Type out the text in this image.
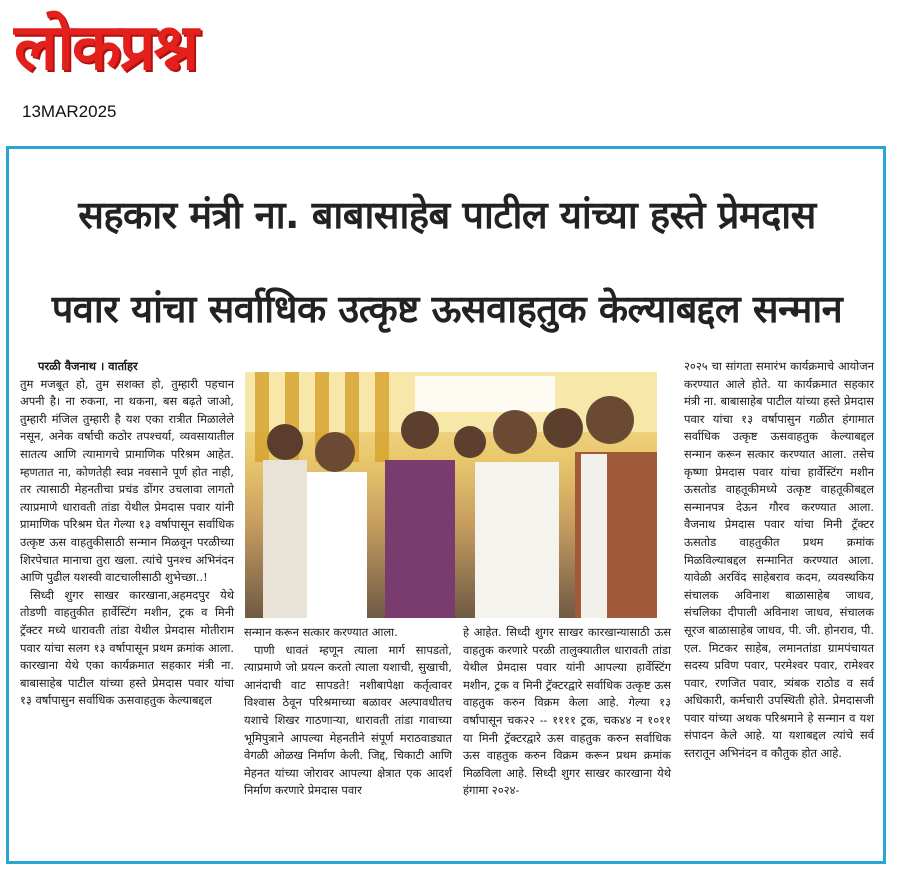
लोकप्रश्न
13MAR2025
सहकार मंत्री ना. बाबासाहेब पाटील यांच्या हस्ते प्रेमदास
पवार यांचा सर्वाधिक उत्कृष्ट ऊसवाहतुक केल्याबद्दल सन्मान
परळी वैजनाथ । वार्ताहर

तुम मजबूत हो, तुम सशक्त हो, तुम्हारी पहचान अपनी है। ना रुकना, ना थकना, बस बढ़ते जाओ, तुम्हारी मंजिल तुम्हारी है यश एका रात्रीत मिळालेले नसून, अनेक वर्षाची कठोर तपश्चर्या, व्यवसायातील सातत्य आणि त्यामागचे प्रामाणिक परिश्रम आहेत. म्हणतात ना, कोणतेही स्वप्न नवसाने पूर्ण होत नाही, तर त्यासाठी मेहनतीचा प्रचंड डोंगर उचलावा लागतो त्याप्रमाणे धारावती तांडा येथील प्रेमदास पवार यांनी प्रामाणिक परिश्रम घेत गेल्या १३ वर्षापासून सर्वाधिक उत्कृष्ट ऊस वाहतुकीसाठी सन्मान मिळवून परळीच्या शिरपेचात मानाचा तुरा खला. त्यांचे पुनश्च अभिनंदन आणि पुढील यशस्वी वाटचालीसाठी शुभेच्छा..!

सिध्दी शुगर साखर कारखाना,अहमदपुर येथे तोडणी वाहतुकीत हार्वेस्टिंग मशीन, ट्रक व मिनी ट्रॅक्टर मध्ये धारावती तांडा येथील प्रेमदास मोतीराम पवार यांचा सलग १३ वर्षापासून प्रथम क्रमांक आला. कारखाना येथे एका कार्यक्रमात सहकार मंत्री ना. बाबासाहेब पाटील यांच्या हस्ते प्रेमदास पवार यांचा १३ वर्षापासुन सर्वाधिक ऊसवाहतुक केल्याबद्दल

सन्मान करून सत्कार करण्यात आला.

पाणी धावतं म्हणून त्याला मार्ग सापडतो, त्याप्रमाणे जो प्रयत्न करतो त्याला यशाची, सुखाची, आनंदाची वाट सापडते! नशीबापेक्षा कर्तृत्वावर विश्वास ठेवून परिश्रमाच्या बळावर अल्पावधीतच यशाचे शिखर गाठणाऱ्या, धारावती तांडा गावाच्या भूमिपुत्राने आपल्या मेहनतीने संपूर्ण मराठवाड्यात वेगळी ओळख निर्माण केली. जिद्द, चिकाटी आणि मेहनत यांच्या जोरावर आपल्या क्षेत्रात एक आदर्श निर्माण करणारे प्रेमदास पवार

हे आहेत. सिध्दी शुगर साखर कारखान्यासाठी ऊस वाहतुक करणारे परळी तालुक्यातील धारावती तांडा येथील प्रेमदास पवार यांनी आपल्या हार्वेस्टिंग मशीन, ट्रक व मिनी ट्रॅक्टरद्वारे सर्वाधिक उत्कृष्ट ऊस वाहतुक करुन विक्रम केला आहे. गेल्या १३ वर्षापासून चक२२ -- ११११ ट्रक, चक४४ न १०११ या मिनी ट्रॅक्टरद्वारे ऊस वाहतुक करुन सर्वाधिक ऊस वाहतुक करुन विक्रम करून प्रथम क्रमांक मिळविला आहे. सिध्दी शुगर साखर कारखाना येथे हंगामा २०२४-

२०२५ चा सांगता समारंभ कार्यक्रमाचे आयोजन करण्यात आले होते. या कार्यक्रमात सहकार मंत्री ना. बाबासाहेब पाटील यांच्या हस्ते प्रेमदास पवार यांचा १३ वर्षापासुन गळीत हंगामात सर्वाधिक उत्कृष्ट ऊसवाहतुक केल्याबद्दल सन्मान करून सत्कार करण्यात आला. तसेच कृष्णा प्रेमदास पवार यांचा हार्वेस्टिंग मशीन ऊसतोड वाहतूकीमध्ये उत्कृष्ट वाहतूकीबद्दल सन्मानपत्र देऊन गौरव करण्यात आला. वैजनाथ प्रेमदास पवार यांचा मिनी ट्रॅक्टर ऊसतोड वाहतुकीत प्रथम क्रमांक मिळविल्याबद्दल सन्मानित करण्यात आला. यावेळी अरविंद साहेबराव कदम, व्यवस्थकिय संचालक अविनाश बाळासाहेब जाधव, संचलिका दीपाली अविनाश जाधव, संचालक सूरज बाळासाहेब जाधव, पी. जी. होनराव, पी. एल. मिटकर साहेब, लमानतांडा ग्रामपंचायत सदस्य प्रविण पवार, परमेश्वर पवार, रामेश्वर पवार, रणजित पवार, त्र्यंबक राठोड व सर्व अधिकारी, कर्मचारी उपस्थिती होते. प्रेमदासजी पवार यांच्या अथक परिश्रमाने हे सन्मान व यश संपादन केले आहे. या यशाबद्दल त्यांचे सर्व स्तरातून अभिनंदन व कौतुक होत आहे.
